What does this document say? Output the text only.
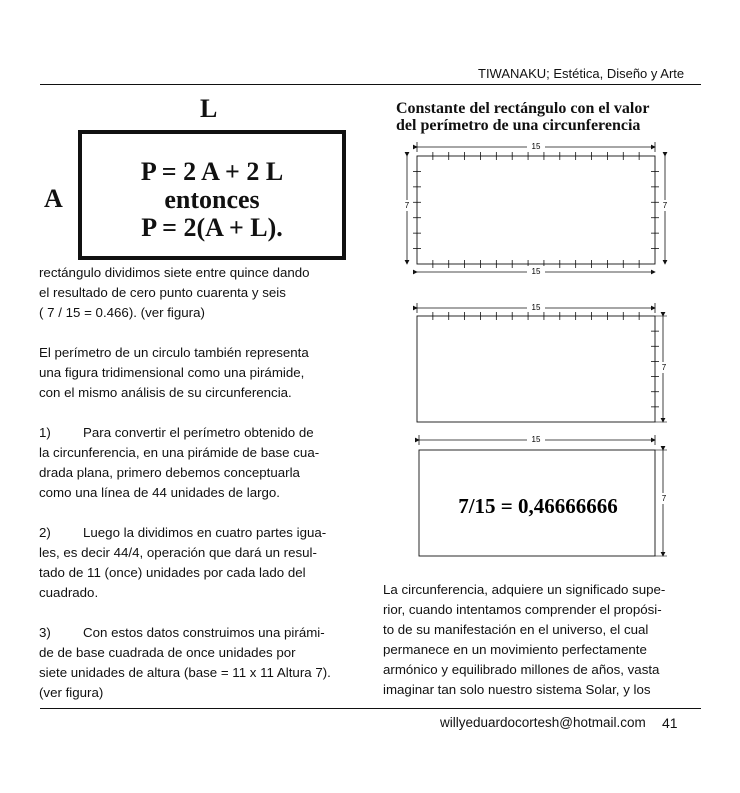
TIWANAKU; Estética, Diseño y Arte
L
A
P = 2 A + 2 L
entonces
P = 2(A + L).

rectángulo dividimos siete entre quince dando
el resultado de cero punto cuarenta y seis
( 7 / 15 = 0.466). (ver figura)

El perímetro de un circulo también representa
una figura tridimensional como una pirámide,
con el mismo análisis de su circunferencia.

1) Para convertir el perímetro obtenido de
la circunferencia, en una pirámide de base cua-
drada plana, primero debemos conceptuarla
como una línea de 44 unidades de largo.

2) Luego la dividimos en cuatro partes igua-
les, es decir 44/4, operación que dará un resul-
tado de 11 (once) unidades por cada lado del
cuadrado.

3) Con estos datos construimos una pirámi-
de de base cuadrada de once unidades por
siete unidades de altura (base = 11 x 11 Altura 7).
(ver figura)

Constante del rectángulo con el valor
del perímetro de una circunferencia
15
7	7
15
15
7
15
7
7/15 = 0,46666666

La circunferencia, adquiere un significado supe-
rior, cuando intentamos comprender el propósi-
to de su manifestación en el universo, el cual
permanece en un movimiento perfectamente
armónico y equilibrado millones de años, vasta
imaginar tan solo nuestro sistema Solar, y los

willyeduardocortesh@hotmail.com 41
